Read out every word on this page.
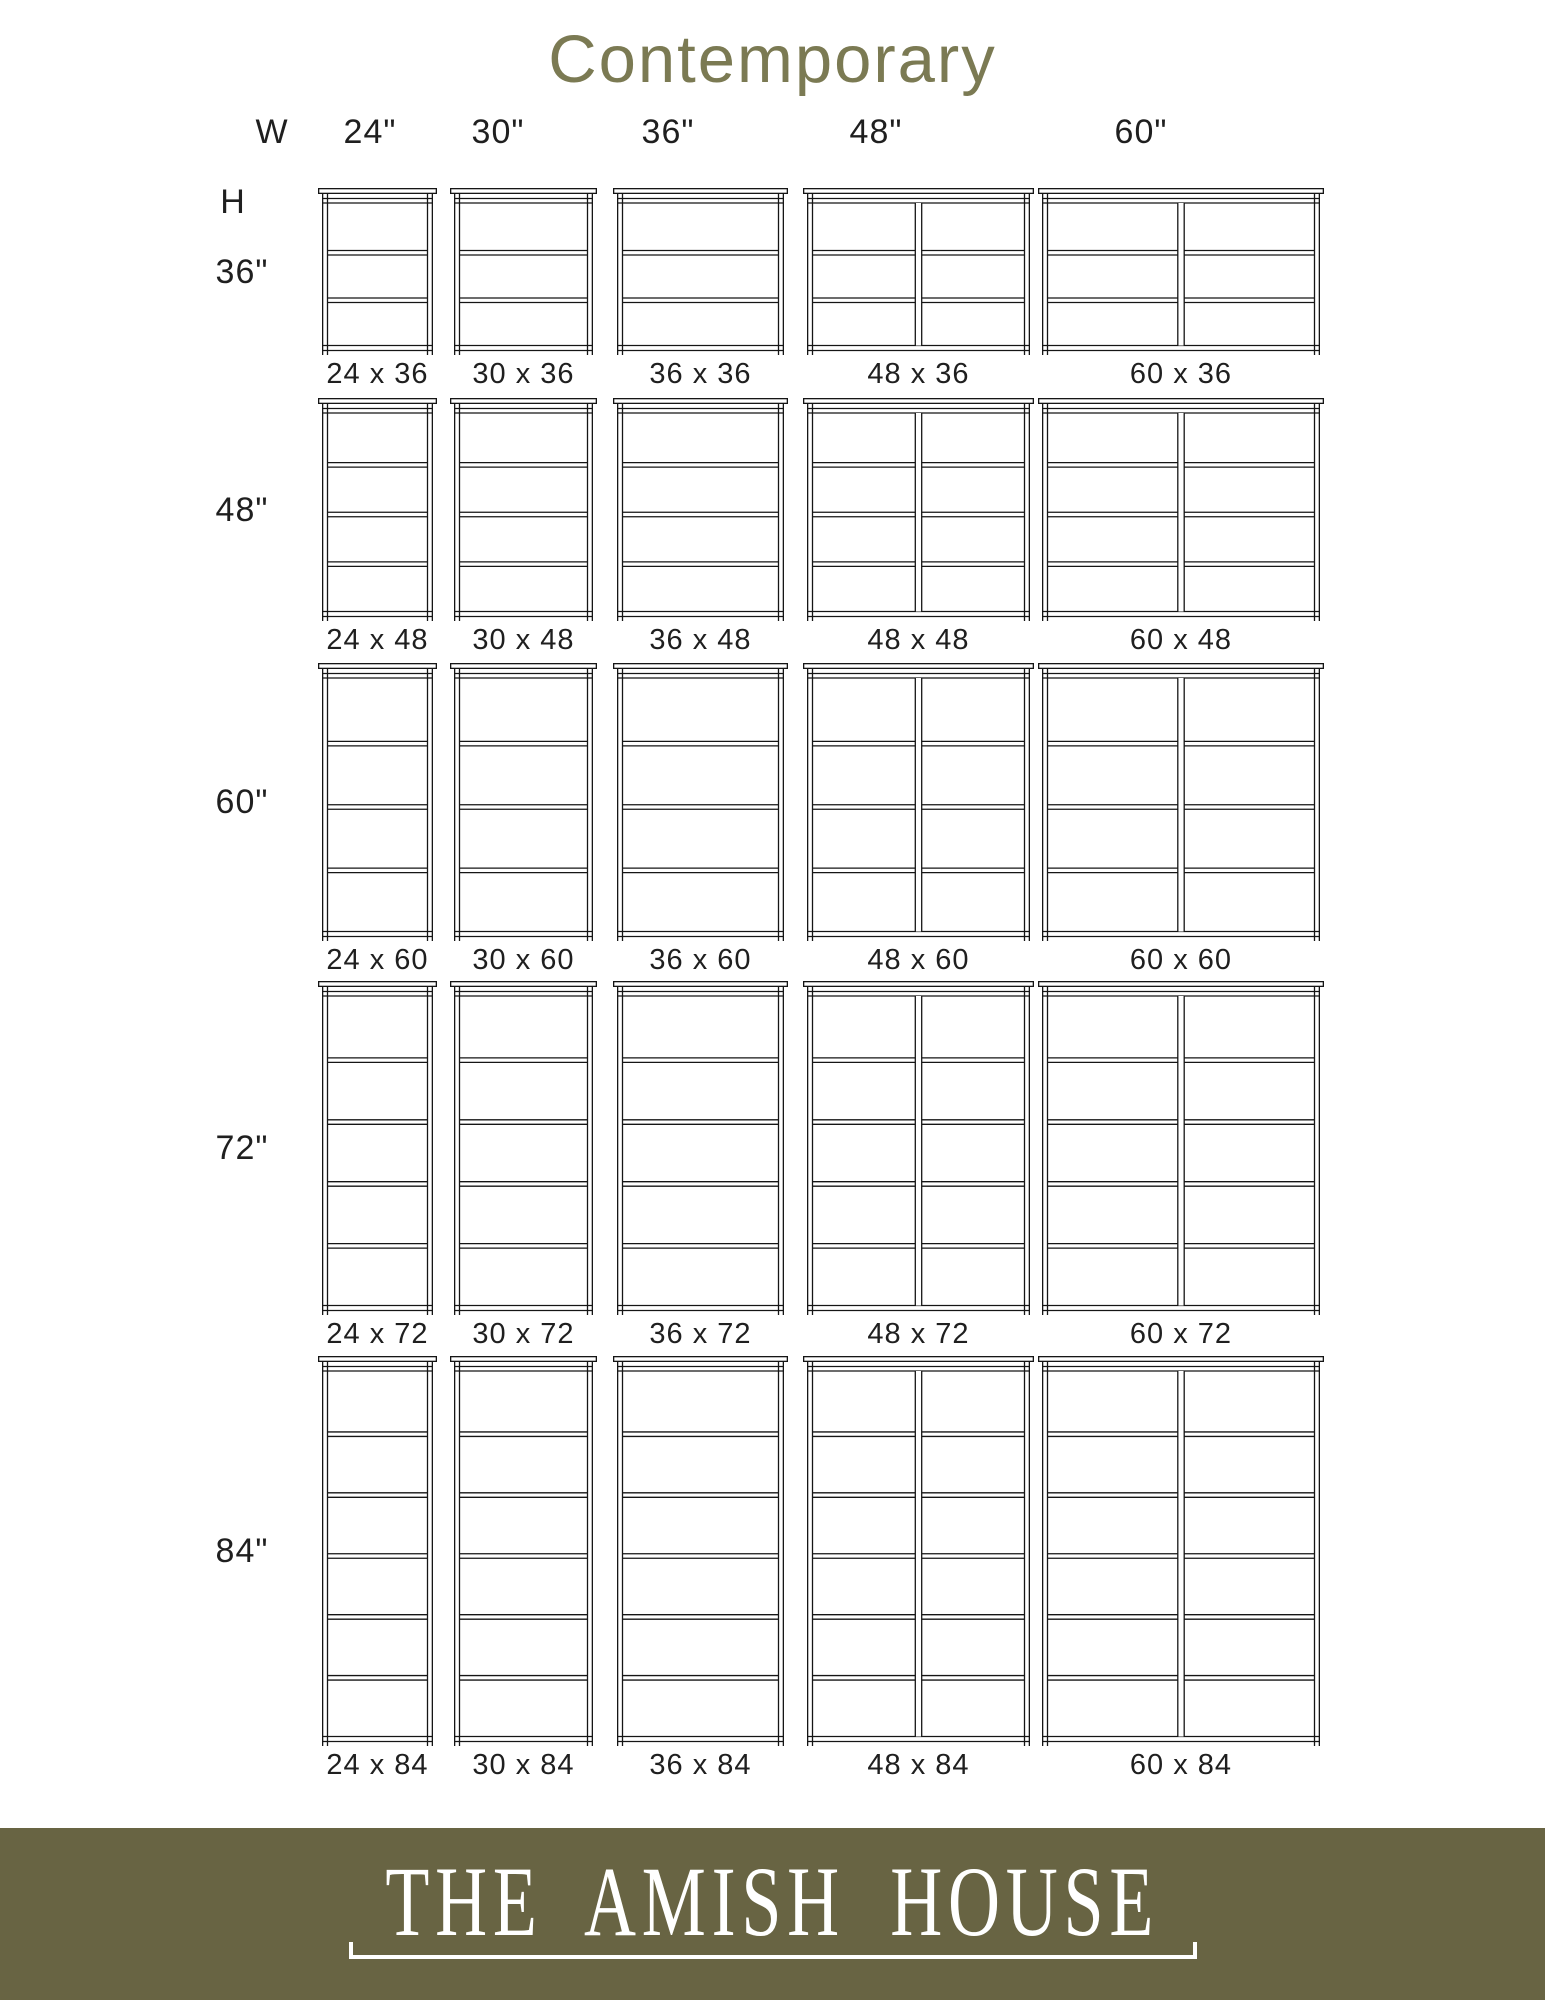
Contemporary
W
H
24" 30"	36"	48"	60"
36"
24 x 36	30 x 36	36 x 36	48 x 36	60 x 36
48"
24 x 48	30 x 48	36 x 48	48 x 48	60 x 48
60"
24 x 60	30 x 60	36 x 60	48 x 60	60 x 60
72"
24 x 72	30 x 72	36 x 72	48 x 72	60 x 72
84"
24 x 84	30 x 84	36 x 84	48 x 84	60 x 84
THE AMISH HOUSE
